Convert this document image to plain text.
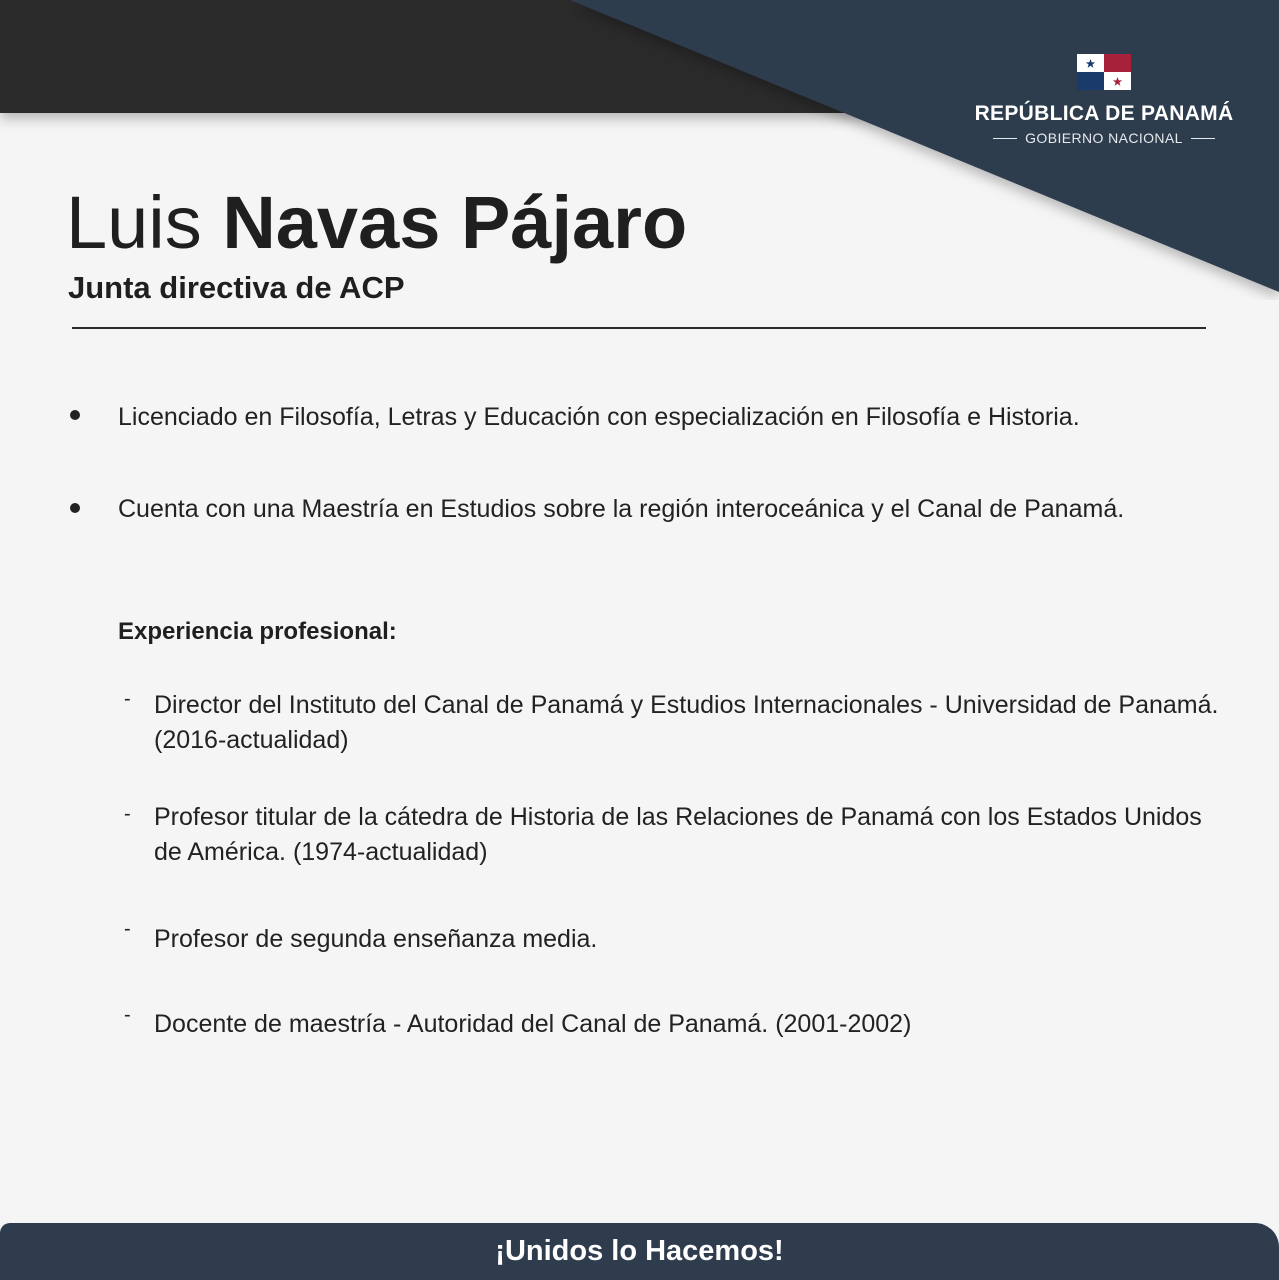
REPÚBLICA DE PANAMÁ
GOBIERNO NACIONAL
Luis Navas Pájaro
Junta directiva de ACP
Licenciado en Filosofía, Letras y Educación con especialización en Filosofía e Historia.
Cuenta con una Maestría en Estudios sobre la región interoceánica y el Canal de Panamá.
Experiencia profesional:
- Director del Instituto del Canal de Panamá y Estudios Internacionales - Universidad de Panamá. (2016-actualidad)
- Profesor titular de la cátedra de Historia de las Relaciones de Panamá con los Estados Unidos de América. (1974-actualidad)
- Profesor de segunda enseñanza media.
- Docente de maestría - Autoridad del Canal de Panamá. (2001-2002)
¡Unidos lo Hacemos!
